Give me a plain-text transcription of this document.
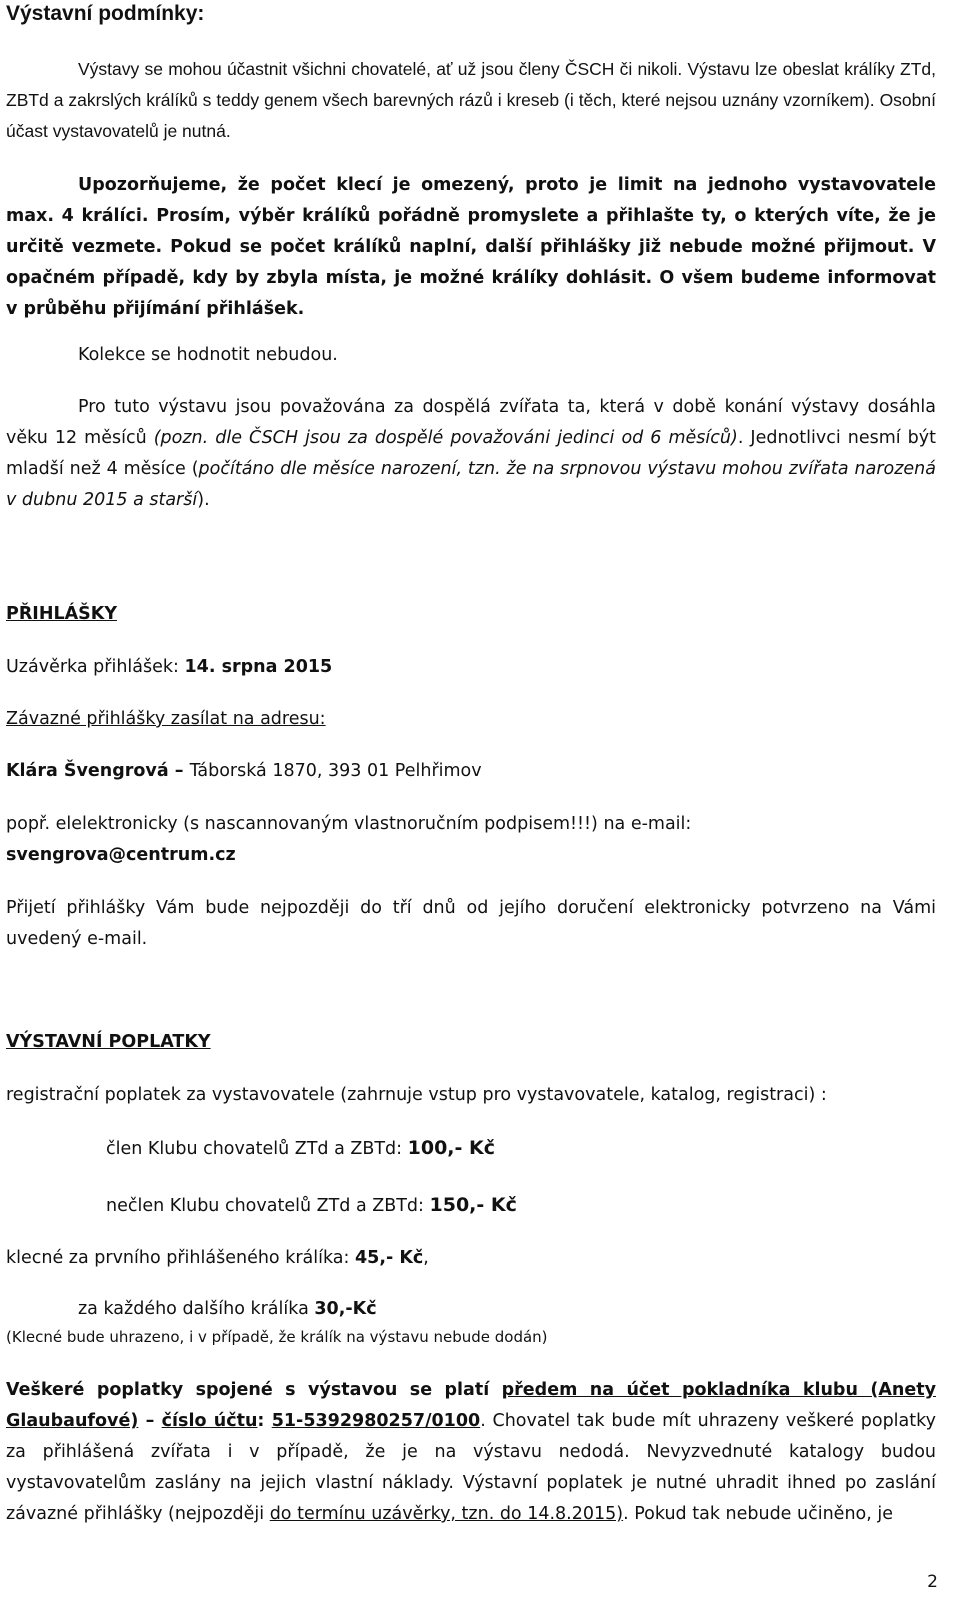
Výstavní podmínky:

Výstavy se mohou účastnit všichni chovatelé, ať už jsou členy ČSCH či nikoli. Výstavu lze obeslat králíky ZTd, ZBTd a zakrslých králíků s teddy genem všech barevných rázů i kreseb (i těch, které nejsou uznány vzorníkem). Osobní účast vystavovatelů je nutná.

Upozorňujeme, že počet klecí je omezený, proto je limit na jednoho vystavovatele max. 4 králíci. Prosím, výběr králíků pořádně promyslete a přihlašte ty, o kterých víte, že je určitě vezmete. Pokud se počet králíků naplní, další přihlášky již nebude možné přijmout. V opačném případě, kdy by zbyla místa, je možné králíky dohlásit. O všem budeme informovat v průběhu přijímání přihlášek.

Kolekce se hodnotit nebudou.

Pro tuto výstavu jsou považována za dospělá zvířata ta, která v době konání výstavy dosáhla věku 12 měsíců (pozn. dle ČSCH jsou za dospělé považováni jedinci od 6 měsíců). Jednotlivci nesmí být mladší než 4 měsíce (počítáno dle měsíce narození, tzn. že na srpnovou výstavu mohou zvířata narozená v dubnu 2015 a starší).

PŘIHLÁŠKY

Uzávěrka přihlášek: 14. srpna 2015

Závazné přihlášky zasílat na adresu:

Klára Švengrová – Táborská 1870, 393 01 Pelhřimov

popř. elelektronicky (s nascannovaným vlastnoručním podpisem!!!) na e-mail:

svengrova@centrum.cz

Přijetí přihlášky Vám bude nejpozději do tří dnů od jejího doručení elektronicky potvrzeno na Vámi uvedený e-mail.

VÝSTAVNÍ POPLATKY

registrační poplatek za vystavovatele (zahrnuje vstup pro vystavovatele, katalog, registraci) :

člen Klubu chovatelů ZTd a ZBTd: 100,- Kč

nečlen Klubu chovatelů ZTd a ZBTd: 150,- Kč

klecné za prvního přihlášeného králíka: 45,- Kč,

za každého dalšího králíka 30,-Kč

(Klecné bude uhrazeno, i v případě, že králík na výstavu nebude dodán)

Veškeré poplatky spojené s výstavou se platí předem na účet pokladníka klubu (Anety Glaubaufové) – číslo účtu: 51-5392980257/0100. Chovatel tak bude mít uhrazeny veškeré poplatky za přihlášená zvířata i v případě, že je na výstavu nedodá. Nevyzvednuté katalogy budou vystavovatelům zaslány na jejich vlastní náklady. Výstavní poplatek je nutné uhradit ihned po zaslání závazné přihlášky (nejpozději do termínu uzávěrky, tzn. do 14.8.2015). Pokud tak nebude učiněno, je

2
